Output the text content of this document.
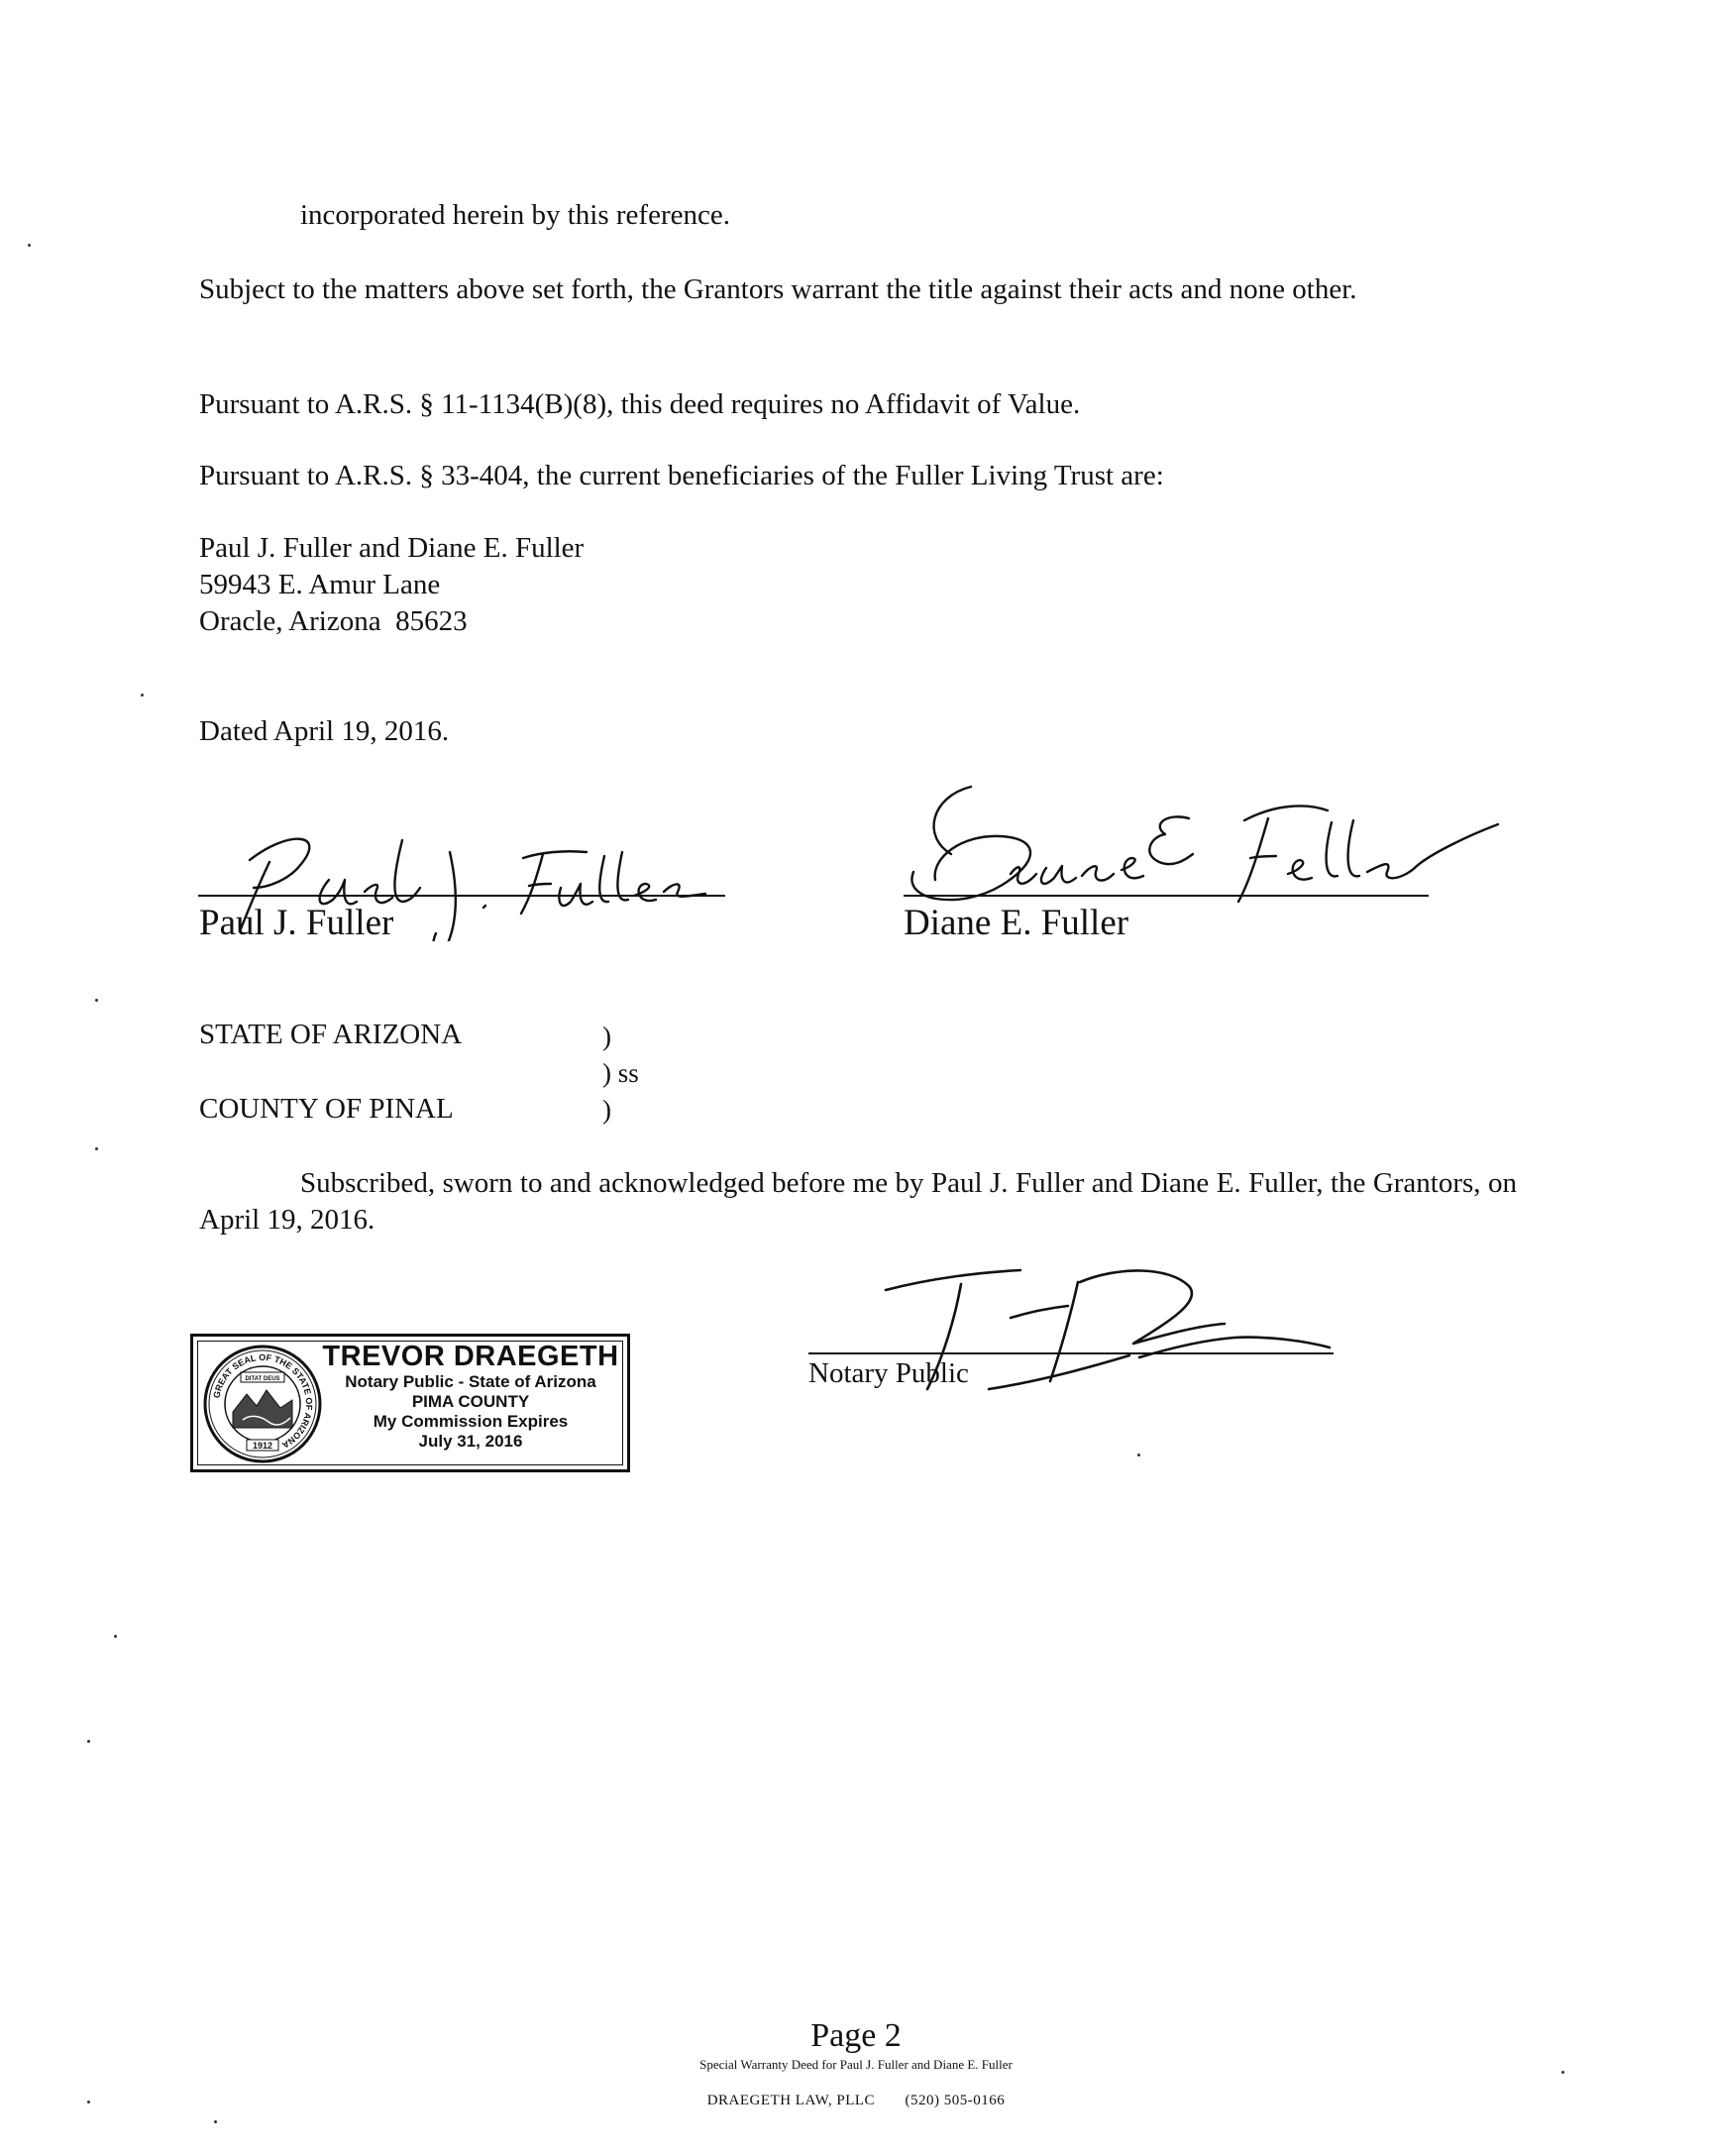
incorporated herein by this reference.
Subject to the matters above set forth, the Grantors warrant the title against their acts and none other.
Pursuant to A.R.S. § 11-1134(B)(8), this deed requires no Affidavit of Value.
Pursuant to A.R.S. § 33-404, the current beneficiaries of the Fuller Living Trust are:
Paul J. Fuller and Diane E. Fuller
59943 E. Amur Lane
Oracle, Arizona  85623
Dated April 19, 2016.
Paul J. Fuller	Diane E. Fuller
STATE OF ARIZONA
COUNTY OF PINAL
)
) ss
)
Subscribed, sworn to and acknowledged before me by Paul J. Fuller and Diane E. Fuller, the Grantors, on April 19, 2016.
Notary Public
GREAT SEAL OF THE STATE OF ARIZONA
DITAT DEUS
1912
TREVOR DRAEGETH
Notary Public - State of Arizona
PIMA COUNTY
My Commission Expires
July 31, 2016
Page 2
Special Warranty Deed for Paul J. Fuller and Diane E. Fuller
DRAEGETH LAW, PLLC (520) 505-0166
